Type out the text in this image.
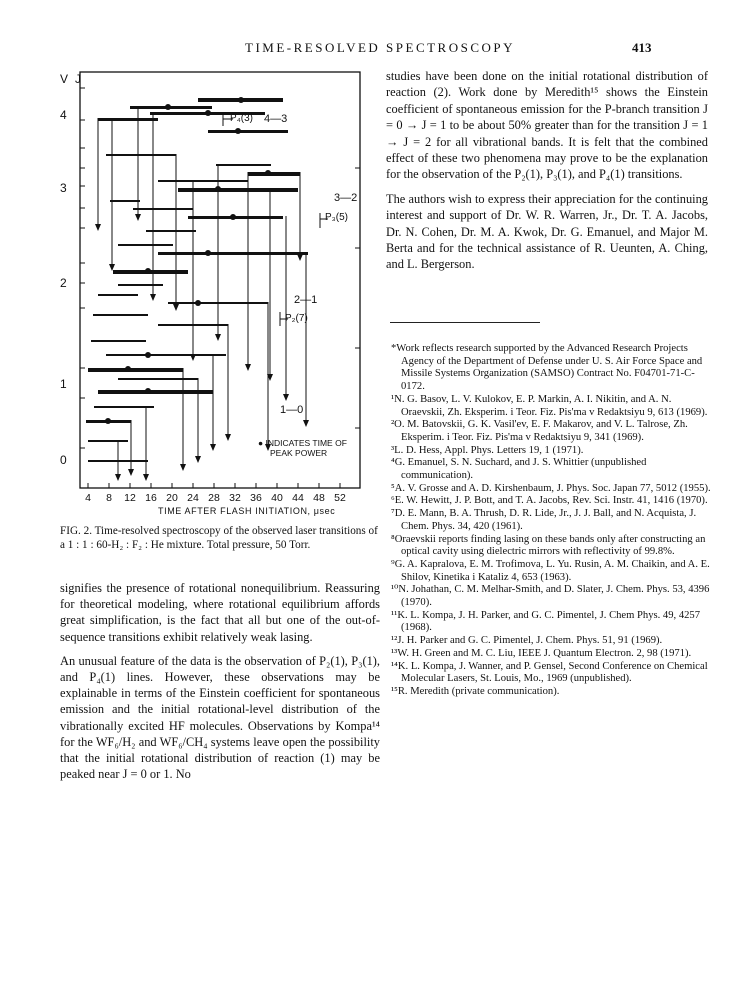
TIME-RESOLVED SPECTROSCOPY	413
V J
4
3
2
1
0
P₄(3) 4—3
3—2
P₃(5)
2—1
P₂(7)
1—0
● INDICATES TIME OF
PEAK POWER
4 8 12 16 20 24 28 32 36 40 44 48 52
TIME AFTER FLASH INITIATION, μsec
FIG. 2. Time-resolved spectroscopy of the observed laser transitions of a 1 : 1 : 60-H₂ : F₂ : He mixture. Total pressure, 50 Torr.

signifies the presence of rotational nonequilibrium. Reassuring for theoretical modeling, where rotational equilibrium affords great simplification, is the fact that all but one of the out-of-sequence transitions exhibit relatively weak lasing.

An unusual feature of the data is the observation of P₂(1), P₃(1), and P₄(1) lines. However, these observations may be explainable in terms of the Einstein coefficient for spontaneous emission and the initial rotational-level distribution of the vibrationally excited HF molecules. Observations by Kompa¹⁴ for the WF₆/H₂ and WF₆/CH₄ systems leave open the possibility that the initial rotational distribution of reaction (1) may be peaked near J = 0 or 1. No

studies have been done on the initial rotational distribution of reaction (2). Work done by Meredith¹⁵ shows the Einstein coefficient of spontaneous emission for the P-branch transition J = 0 → J = 1 to be about 50% greater than for the transition J = 1 → J = 2 for all vibrational bands. It is felt that the combined effect of these two phenomena may prove to be the explanation for the observation of the P₂(1), P₃(1), and P₄(1) transitions.

The authors wish to express their appreciation for the continuing interest and support of Dr. W. R. Warren, Jr., Dr. T. A. Jacobs, Dr. N. Cohen, Dr. M. A. Kwok, Dr. G. Emanuel, and Major M. Berta and for the technical assistance of R. Ueunten, A. Ching, and L. Bergerson.

*Work reflects research supported by the Advanced Research Projects Agency of the Department of Defense under U. S. Air Force Space and Missile Systems Organization (SAMSO) Contract No. F04701-71-C-0172.

¹N. G. Basov, L. V. Kulokov, E. P. Markin, A. I. Nikitin, and A. N. Oraevskii, Zh. Eksperim. i Teor. Fiz. Pis'ma v Redaktsiyu 9, 613 (1969).

²O. M. Batovskii, G. K. Vasil'ev, E. F. Makarov, and V. L. Talrose, Zh. Eksperim. i Teor. Fiz. Pis'ma v Redaktsiyu 9, 341 (1969).

³L. D. Hess, Appl. Phys. Letters 19, 1 (1971).

⁴G. Emanuel, S. N. Suchard, and J. S. Whittier (unpublished communication).

⁵A. V. Grosse and A. D. Kirshenbaum, J. Phys. Soc. Japan 77, 5012 (1955).

⁶E. W. Hewitt, J. P. Bott, and T. A. Jacobs, Rev. Sci. Instr. 41, 1416 (1970).

⁷D. E. Mann, B. A. Thrush, D. R. Lide, Jr., J. J. Ball, and N. Acquista, J. Chem. Phys. 34, 420 (1961).

⁸Oraevskii reports finding lasing on these bands only after constructing an optical cavity using dielectric mirrors with reflectivity of 99.8%.

⁹G. A. Kapralova, E. M. Trofimova, L. Yu. Rusin, A. M. Chaikin, and A. E. Shilov, Kinetika i Kataliz 4, 653 (1963).

¹⁰N. Johathan, C. M. Melhar-Smith, and D. Slater, J. Chem. Phys. 53, 4396 (1970).

¹¹K. L. Kompa, J. H. Parker, and G. C. Pimentel, J. Chem Phys. 49, 4257 (1968).

¹²J. H. Parker and G. C. Pimentel, J. Chem. Phys. 51, 91 (1969).

¹³W. H. Green and M. C. Liu, IEEE J. Quantum Electron. 2, 98 (1971).

¹⁴K. L. Kompa, J. Wanner, and P. Gensel, Second Conference on Chemical Molecular Lasers, St. Louis, Mo., 1969 (unpublished).

¹⁵R. Meredith (private communication).
